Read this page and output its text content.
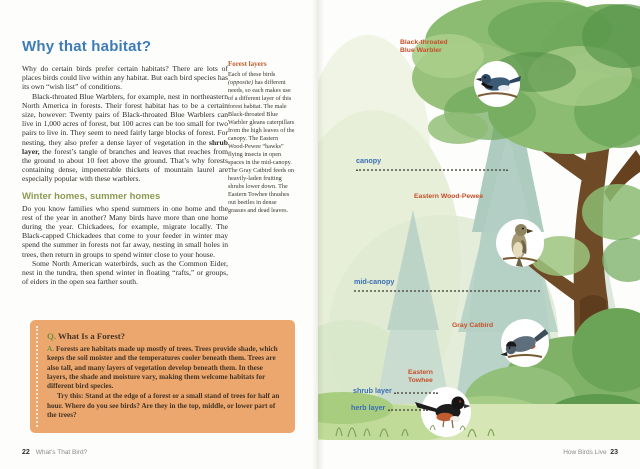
Why that habitat?

Why do certain birds prefer certain habitats? There are lots of places birds could live within any habitat. But each bird species has its own “wish list” of conditions.

Black-throated Blue Warblers, for example, nest in northeastern North America in forests. Their forest habitat has to be a certain size, however: Twenty pairs of Black-throated Blue Warblers can live in 1,000 acres of forest, but 100 acres can be too small for two pairs to live in. They seem to need fairly large blocks of forest. For nesting, they also prefer a dense layer of vegetation in the shrub layer, the forest’s tangle of branches and leaves that reaches from the ground to about 10 feet above the ground. That’s why forests containing dense, impenetrable thickets of mountain laurel are especially popular with these warblers.

Winter homes, summer homes

Do you know families who spend summers in one home and the rest of the year in another? Many birds have more than one home during the year. Chickadees, for example, migrate locally. The Black-capped Chickadees that come to your feeder in winter may spend the summer in forests not far away, nesting in small holes in trees, then return in groups to spend winter close to your house.

Some North American waterbirds, such as the Common Eider, nest in the tundra, then spend winter in floating “rafts,” or groups, of eiders in the open sea farther south.

Forest layers

Each of these birds (opposite) has different needs, so each makes use of a different layer of this forest habitat. The male Black-throated Blue Warbler gleans caterpillars from the high leaves of the canopy. The Eastern Wood-Pewee “hawks” flying insects in open spaces in the mid-canopy. The Gray Catbird feeds on heavily-laden fruiting shrubs lower down. The Eastern Towhee thrashes out beetles in dense grasses and dead leaves.

Q. What Is a Forest?

A. Forests are habitats made up mostly of trees. Trees provide shade, which keeps the soil moister and the temperatures cooler beneath them. Trees are also tall, and many layers of vegetation develop beneath them. In these layers, the shade and moisture vary, making them welcome habitats for different bird species.

Try this: Stand at the edge of a forest or a small stand of trees for half an hour. Where do you see birds? Are they in the top, middle, or lower part of the trees?

22 What’s That Bird?
Black-throated
Blue Warbler
canopy
Eastern Wood-Pewee
mid-canopy
Gray Catbird
Eastern
Towhee
shrub layer
herb layer
How Birds Live 23
